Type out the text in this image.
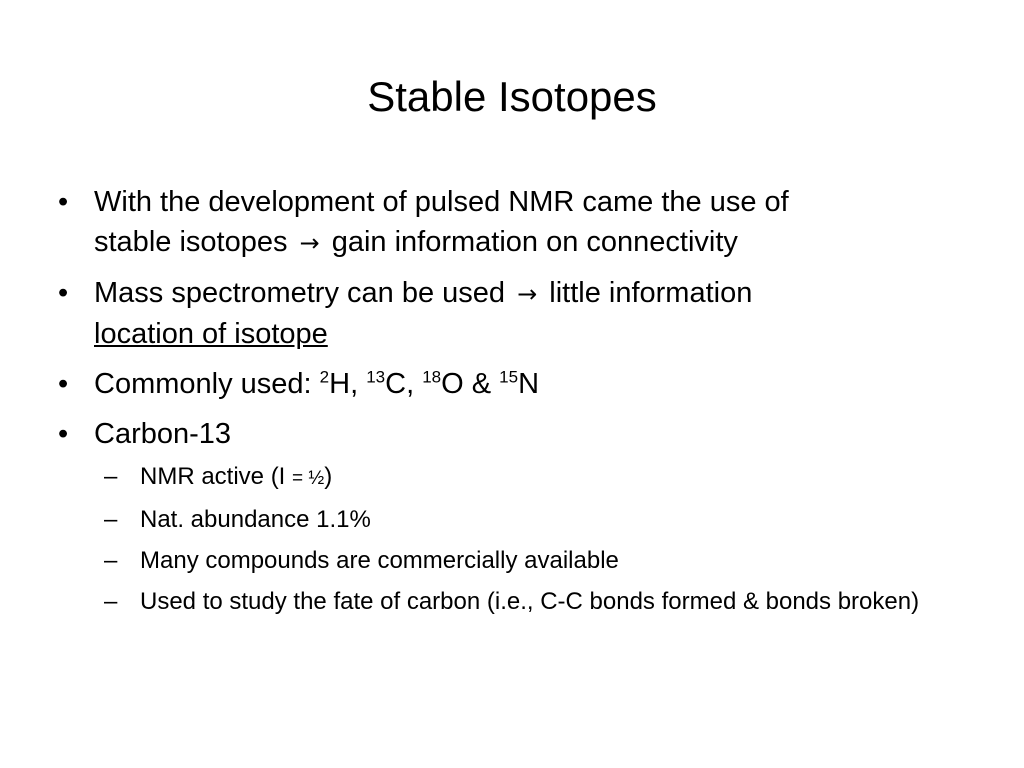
Stable Isotopes
• With the development of pulsed NMR came the use of
stable isotopes → gain information on connectivity
• Mass spectrometry can be used → little information
location of isotope
• Commonly used: $^2$H, $^{13}$C, $^{18}$O & $^{15}$N
• Carbon-13
– NMR active (I = ½)
– Nat. abundance 1.1%
– Many compounds are commercially available
– Used to study the fate of carbon (i.e., C-C bonds formed & bonds broken)
